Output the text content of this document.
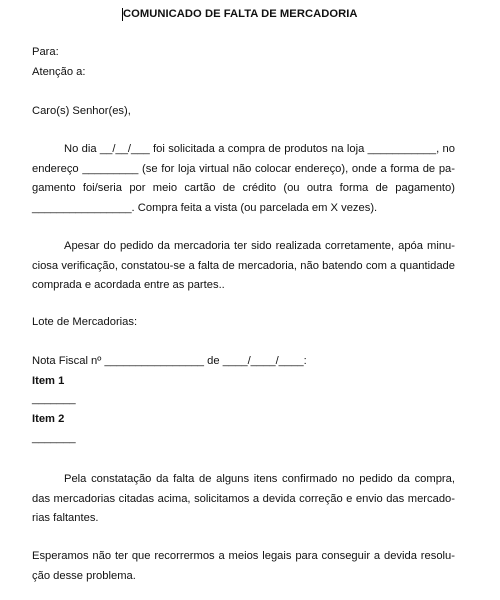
COMUNICADO DE FALTA DE MERCADORIA
Para:
Atenção a:
Caro(s) Senhor(es),
No dia __/__/___ foi solicitada a compra de produtos na loja ___________, no
endereço _________ (se for loja virtual não colocar endereço), onde a forma de pa-
gamento foi/seria por meio cartão de crédito (ou outra forma de pagamento)
________________. Compra feita a vista (ou parcelada em X vezes).
Apesar do pedido da mercadoria ter sido realizada corretamente, apóa minu-
ciosa verificação, constatou-se a falta de mercadoria, não batendo com a quantidade
comprada e acordada entre as partes..
Lote de Mercadorias:
Nota Fiscal nº ________________ de ____/____/____:
Item 1
_______
Item 2
_______
Pela constatação da falta de alguns itens confirmado no pedido da compra,
das mercadorias citadas acima, solicitamos a devida correção e envio das mercado-
rias faltantes.
Esperamos não ter que recorrermos a meios legais para conseguir a devida resolu-
ção desse problema.
